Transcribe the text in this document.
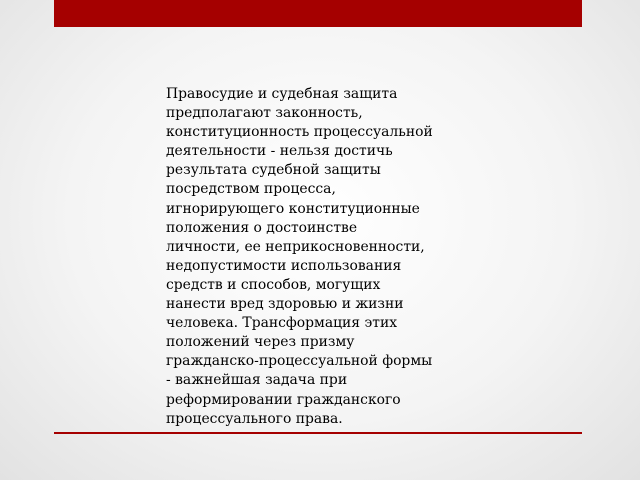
Правосудие и судебная защита
предполагают законность,
конституционность процессуальной
деятельности - нельзя достичь
результата судебной защиты
посредством процесса,
игнорирующего конституционные
положения о достоинстве
личности, ее неприкосновенности,
недопустимости использования
средств и способов, могущих
нанести вред здоровью и жизни
человека. Трансформация этих
положений через призму
гражданско-процессуальной формы
- важнейшая задача при
реформировании гражданского
процессуального права.
